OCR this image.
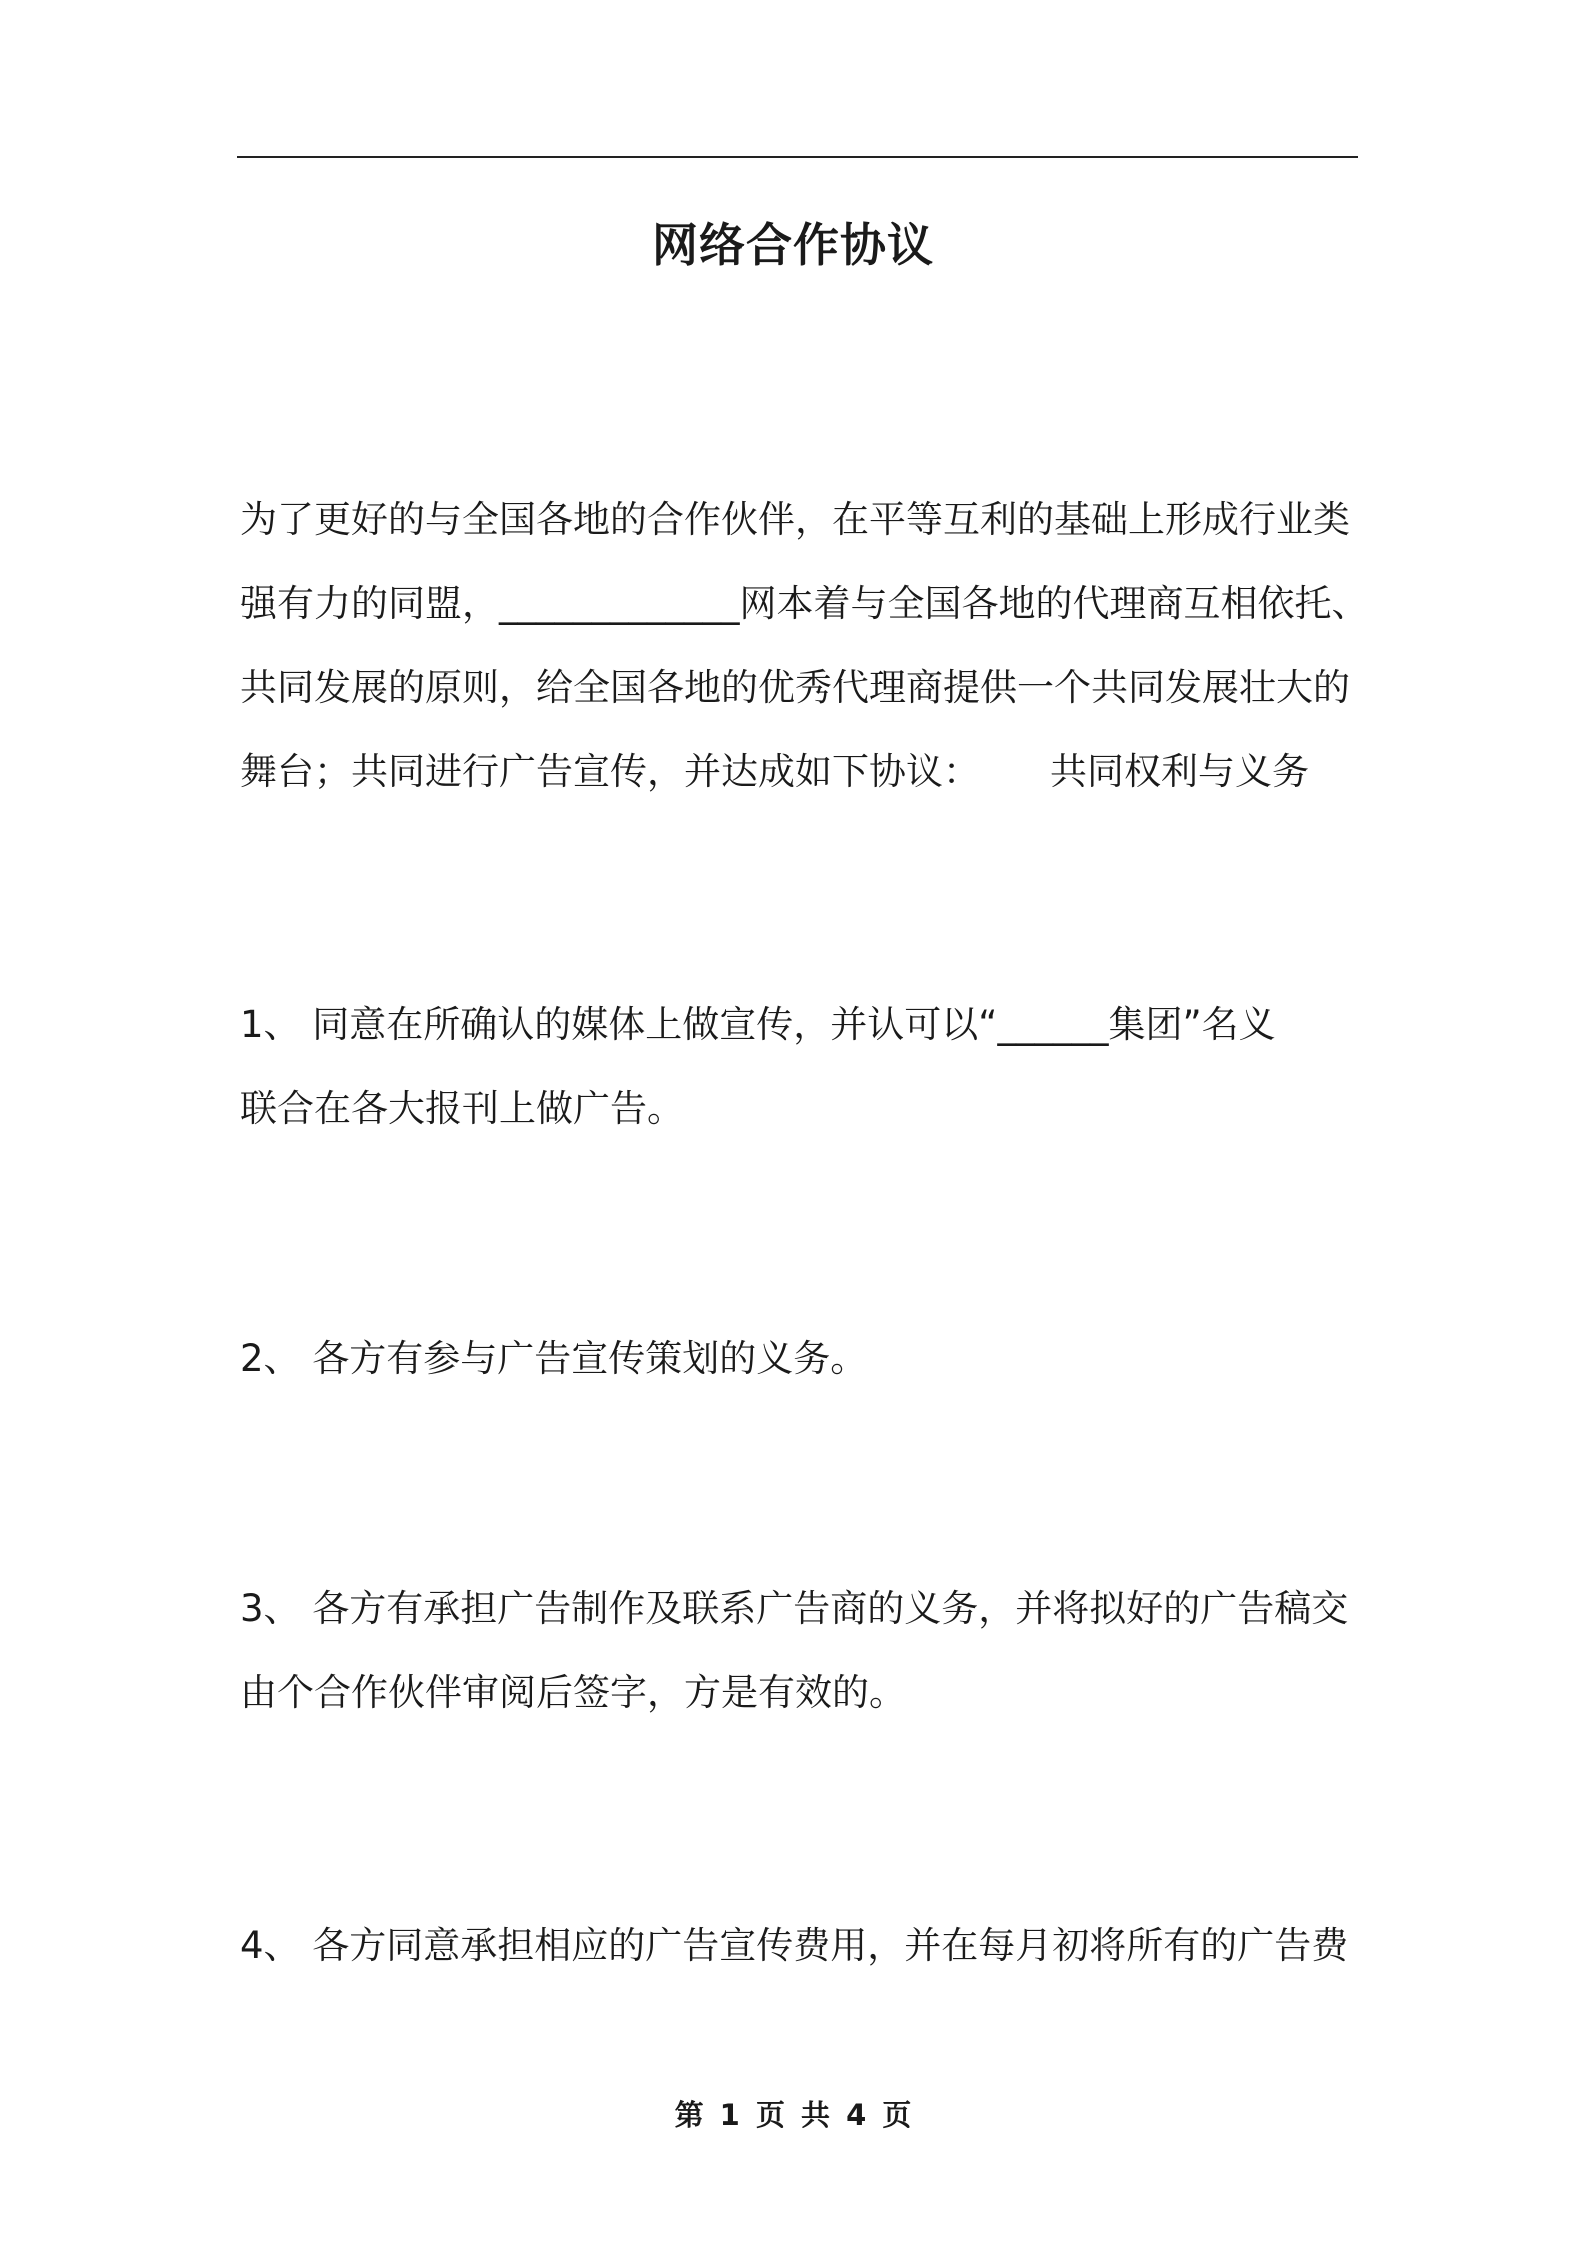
网络合作协议
为了更好的与全国各地的合作伙伴，在平等互利的基础上形成行业类
强有力的同盟，_____________网本着与全国各地的代理商互相依托、
共同发展的原则，给全国各地的优秀代理商提供一个共同发展壮大的
舞台；共同进行广告宣传，并达成如下协议： 共同权利与义务
1、 同意在所确认的媒体上做宣传，并认可以“______集团”名义
联合在各大报刊上做广告。
2、 各方有参与广告宣传策划的义务。
3、 各方有承担广告制作及联系广告商的义务，并将拟好的广告稿交
由个合作伙伴审阅后签字，方是有效的。
4、 各方同意承担相应的广告宣传费用，并在每月初将所有的广告费
第 1 页 共 4 页
